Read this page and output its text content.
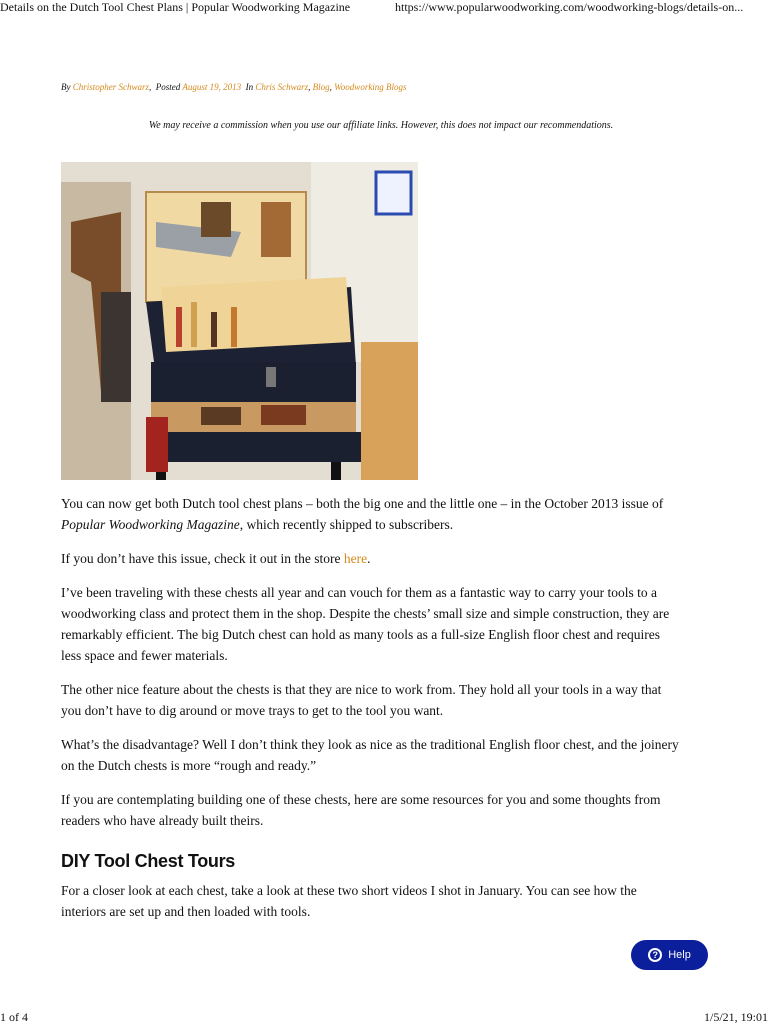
Details on the Dutch Tool Chest Plans | Popular Woodworking Magazine	https://www.popularwoodworking.com/woodworking-blogs/details-on...
By Christopher Schwarz,  Posted August 19, 2013 In Chris Schwarz, Blog, Woodworking Blogs
We may receive a commission when you use our affiliate links. However, this does not impact our recommendations.

You can now get both Dutch tool chest plans – both the big one and the little one – in the October 2013 issue of Popular Woodworking Magazine, which recently shipped to subscribers.

If you don’t have this issue, check it out in the store here.

I’ve been traveling with these chests all year and can vouch for them as a fantastic way to carry your tools to a woodworking class and protect them in the shop. Despite the chests’ small size and simple construction, they are remarkably efficient. The big Dutch chest can hold as many tools as a full-size English floor chest and requires less space and fewer materials.

The other nice feature about the chests is that they are nice to work from. They hold all your tools in a way that you don’t have to dig around or move trays to get to the tool you want.

What’s the disadvantage? Well I don’t think they look as nice as the traditional English floor chest, and the joinery on the Dutch chests is more “rough and ready.”

If you are contemplating building one of these chests, here are some resources for you and some thoughts from readers who have already built theirs.

DIY Tool Chest Tours

For a closer look at each chest, take a look at these two short videos I shot in January. You can see how the interiors are set up and then loaded with tools.

? Help
1 of 4	1/5/21, 19:01
